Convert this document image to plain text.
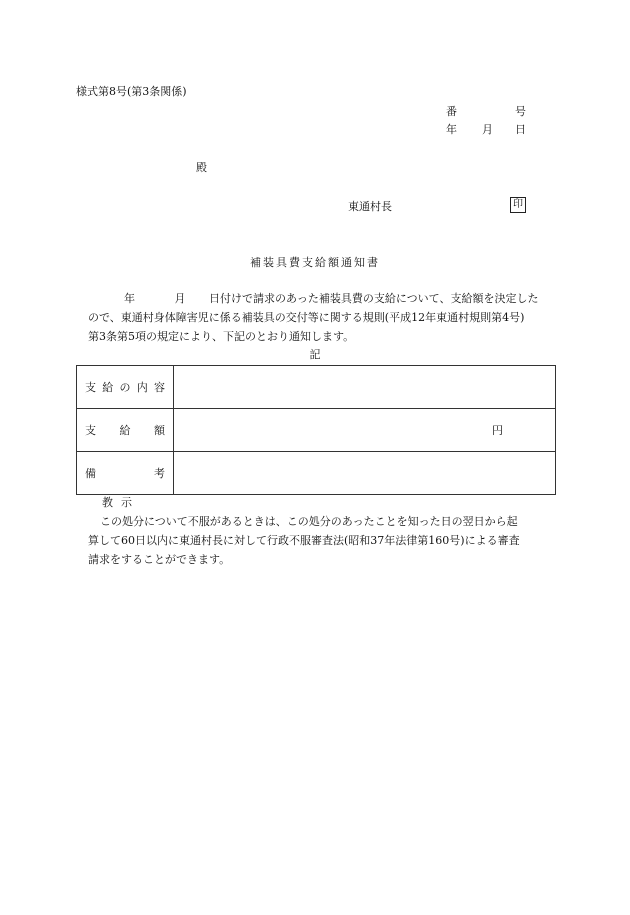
様式第8号(第3条関係)
番	号
年 月 日
殿
東通村長	印
補装具費支給額通知書
年	月 日付けで請求のあった補装具費の支給について、支給額を決定した
ので、東通村身体障害児に係る補装具の交付等に関する規則(平成12年東通村規則第4号)
第3条第5項の規定により、下記のとおり通知します。
記
支 給 の 内 容	

支 給 額	円

備 考	

教示
この処分について不服があるときは、この処分のあったことを知った日の翌日から起
算して60日以内に東通村長に対して行政不服審査法(昭和37年法律第160号)による審査
請求をすることができます。
